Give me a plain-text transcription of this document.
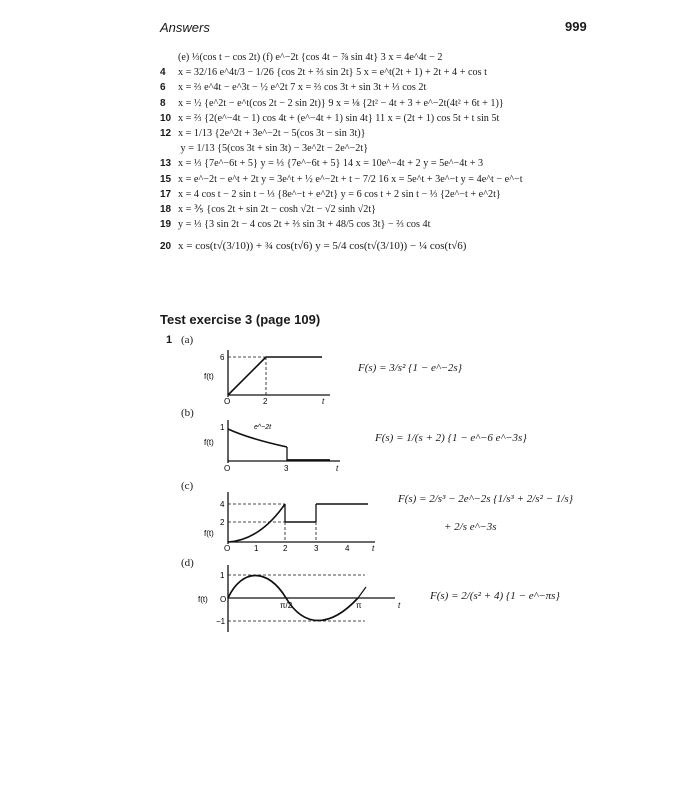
Answers	999
(e) ⅓(cos t − cos 2t) (f) e^−2t {cos 4t − ⅞ sin 4t} 3 x = 4e^4t − 2
4 x = 32/16 e^4t/3 − 1/26 {cos 2t + ⅔ sin 2t} 5 x = e^t(2t + 1) + 2t + 4 + cos t
6 x = ⅔ e^4t − e^3t − ½ e^2t 7 x = ⅔ cos 3t + sin 3t + ⅓ cos 2t
8 x = ½ {e^2t − e^t(cos 2t − 2 sin 2t)} 9 x = ⅛ {2t² − 4t + 3 + e^−2t(4t² + 6t + 1)}
10 x = ⅔ {2(e^−4t − 1) cos 4t + (e^−4t + 1) sin 4t} 11 x = (2t + 1) cos 5t + t sin 5t
12 x = 1/13 {2e^2t + 3e^−2t − 5(cos 3t − sin 3t)}
y = 1/13 {5(cos 3t + sin 3t) − 3e^2t − 2e^−2t}
13 x = ⅓ {7e^−6t + 5} y = ⅓ {7e^−6t + 5} 14 x = 10e^−4t + 2 y = 5e^−4t + 3
15 x = e^−2t − e^t + 2t y = 3e^t + ½ e^−2t + t − 7/2 16 x = 5e^t + 3e^−t y = 4e^t − e^−t
17 x = 4 cos t − 2 sin t − ⅓ {8e^−t + e^2t} y = 6 cos t + 2 sin t − ⅓ {2e^−t + e^2t}
18 x = ⅗ {cos 2t + sin 2t − cosh √2t − √2 sinh √2t}
19 y = ⅓ {3 sin 2t − 4 cos 2t + ⅔ sin 3t + 48/5 cos 3t} − ⅔ cos 4t
20 x = cos(t√(3/10)) + ¾ cos(t√6) y = 5/4 cos(t√(3/10)) − ¼ cos(t√6)
Test exercise 3 (page 109)
1 (a)
6
2
f(t)
O	t
F(s) = 3/s² {1 − e^−2s}
(b)
1
3
f(t)
O	t
e^−2t
F(s) = 1/(s + 2) {1 − e^−6 e^−3s}
(c)
4
2
1	2	3	4
f(t)
O	t
F(s) = 2/s³ − 2e^−2s {1/s³ + 2/s² − 1/s}
+ 2/s e^−3s
(d)
1
−1
π/2	π
f(t) O
t
F(s) = 2/(s² + 4) {1 − e^−πs}
